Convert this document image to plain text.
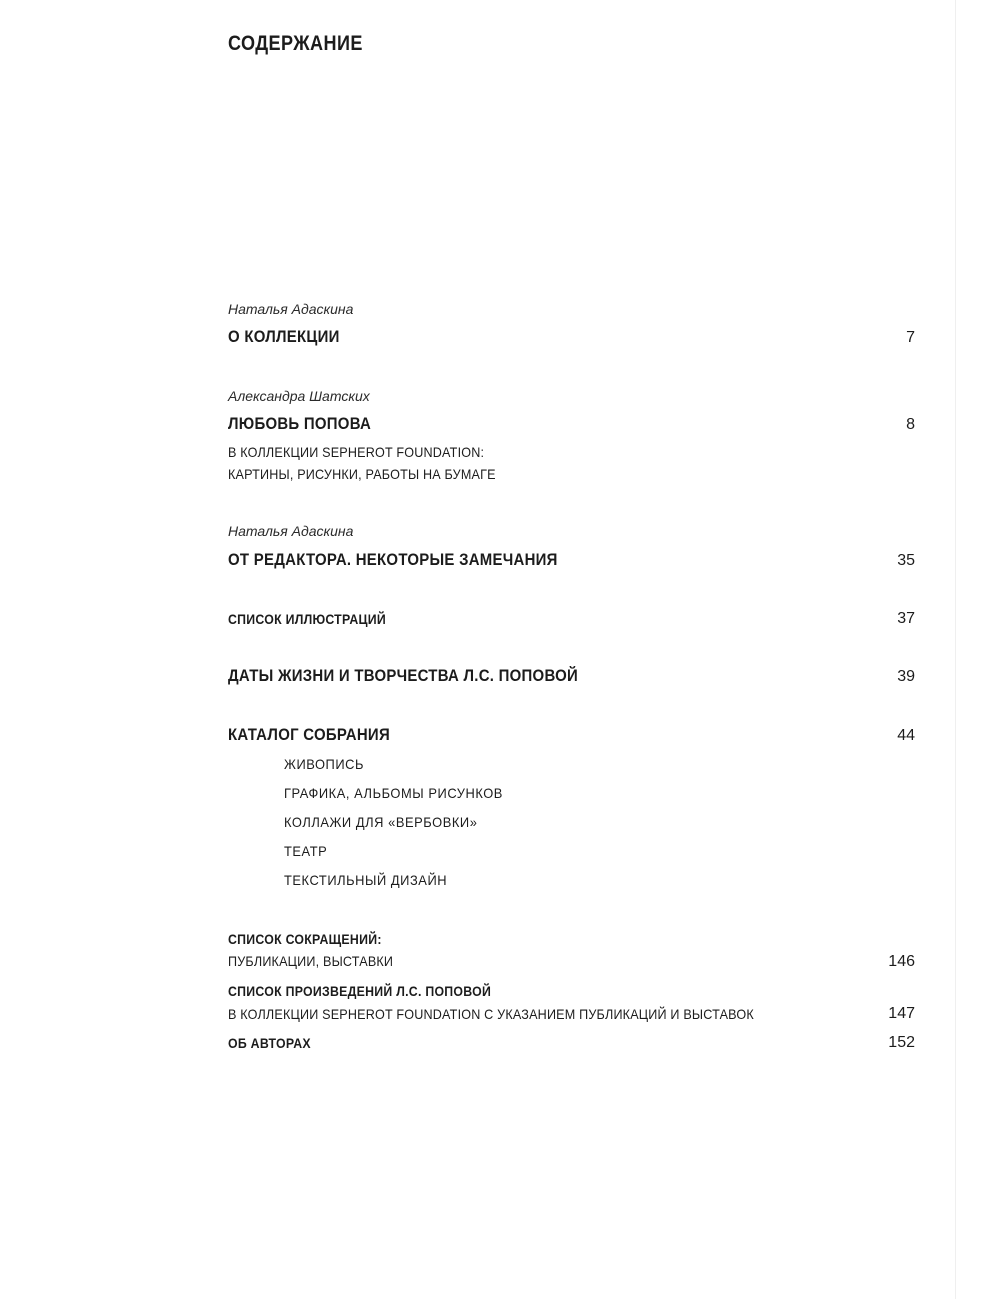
СОДЕРЖАНИЕ
Наталья Адаскина
О КОЛЛЕКЦИИ	7
Александра Шатских
ЛЮБОВЬ ПОПОВА	8
В КОЛЛЕКЦИИ SEPHEROT FOUNDATION:
КАРТИНЫ, РИСУНКИ, РАБОТЫ НА БУМАГЕ
Наталья Адаскина
ОТ РЕДАКТОРА. НЕКОТОРЫЕ ЗАМЕЧАНИЯ	35
СПИСОК ИЛЛЮСТРАЦИЙ	37
ДАТЫ ЖИЗНИ И ТВОРЧЕСТВА Л.С. ПОПОВОЙ	39
КАТАЛОГ СОБРАНИЯ	44
ЖИВОПИСЬ
ГРАФИКА, АЛЬБОМЫ РИСУНКОВ
КОЛЛАЖИ ДЛЯ «ВЕРБОВКИ»
ТЕАТР
ТЕКСТИЛЬНЫЙ ДИЗАЙН
СПИСОК СОКРАЩЕНИЙ:
ПУБЛИКАЦИИ, ВЫСТАВКИ	146
СПИСОК ПРОИЗВЕДЕНИЙ Л.С. ПОПОВОЙ
В КОЛЛЕКЦИИ SEPHEROT FOUNDATION С УКАЗАНИЕМ ПУБЛИКАЦИЙ И ВЫСТАВОК	147
ОБ АВТОРАХ	152
